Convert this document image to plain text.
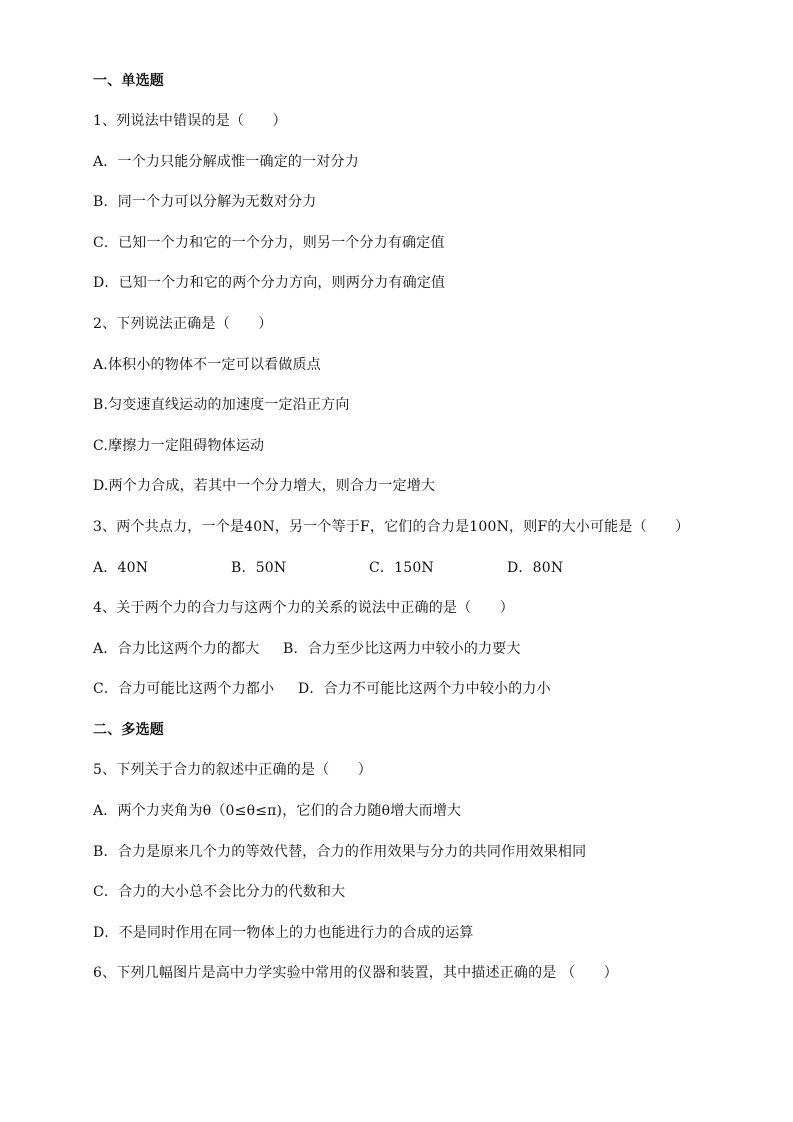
一、单选题
1、列说法中错误的是（　　）
A．一个力只能分解成惟一确定的一对分力
B．同一个力可以分解为无数对分力
C．已知一个力和它的一个分力，则另一个分力有确定值
D．已知一个力和它的两个分力方向，则两分力有确定值
2、下列说法正确是（　　）
A.体积小的物体不一定可以看做质点
B.匀变速直线运动的加速度一定沿正方向
C.摩擦力一定阻碍物体运动
D.两个力合成，若其中一个分力增大，则合力一定增大
3、两个共点力，一个是40N，另一个等于F，它们的合力是100N，则F的大小可能是（　　）
A．40N	B．50N	C．150N	D．80N
4、关于两个力的合力与这两个力的关系的说法中正确的是（　　）
A．合力比这两个力的都大	B．合力至少比这两力中较小的力要大
C．合力可能比这两个力都小	D．合力不可能比这两个力中较小的力小
二、多选题
5、下列关于合力的叙述中正确的是（　　）
A．两个力夹角为θ（0≤θ≤π)，它们的合力随θ增大而增大
B．合力是原来几个力的等效代替，合力的作用效果与分力的共同作用效果相同
C．合力的大小总不会比分力的代数和大
D．不是同时作用在同一物体上的力也能进行力的合成的运算
6、下列几幅图片是高中力学实验中常用的仪器和装置，其中描述正确的是 （　　）
